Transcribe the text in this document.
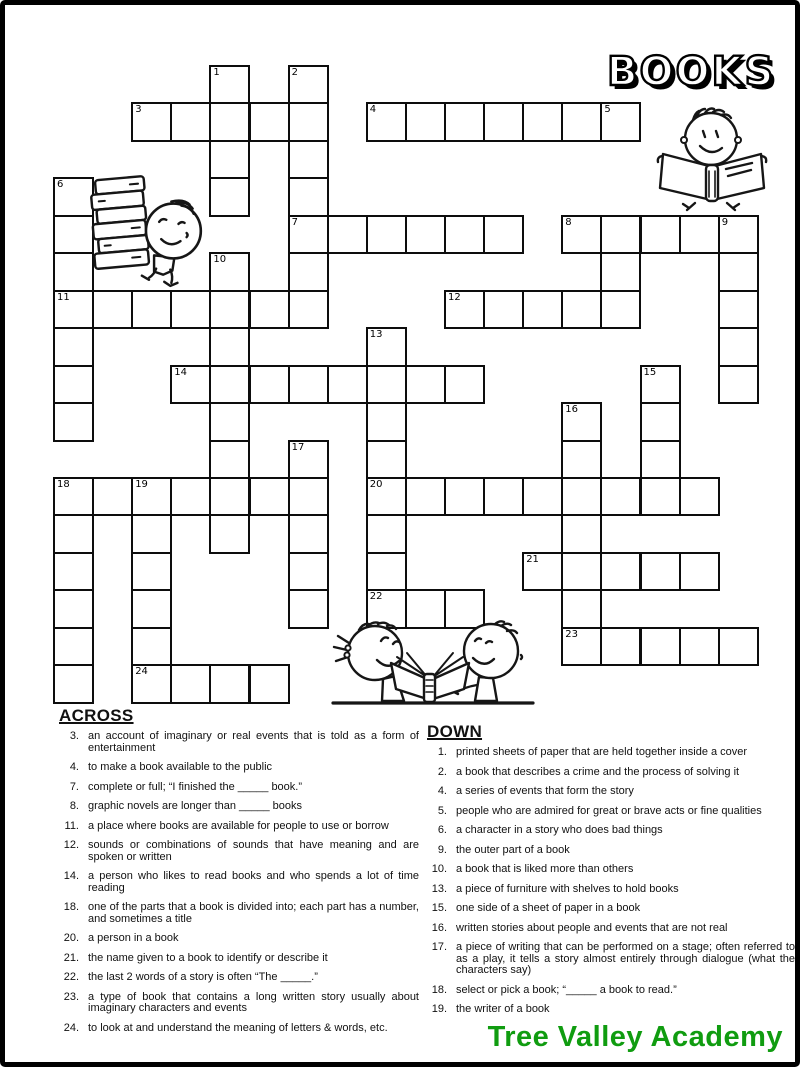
BOOKS
1	2
3	4	5
6
7	8	9
10
11	12
13
14	15
16
17
18	19	20
21
22
23
24
ACROSS
3. an account of imaginary or real events that is told as a form of entertainment
4. to make a book available to the public
7. complete or full; “I finished the _____ book.”
8. graphic novels are longer than _____ books
11. a place where books are available for people to use or borrow
12. sounds or combinations of sounds that have meaning and are spoken or written
14. a person who likes to read books and who spends a lot of time reading
18. one of the parts that a book is divided into; each part has a number, and sometimes a title
20. a person in a book
21. the name given to a book to identify or describe it
22. the last 2 words of a story is often “The _____.”
23. a type of book that contains a long written story usually about imaginary characters and events
24. to look at and understand the meaning of letters & words, etc.
DOWN
1. printed sheets of paper that are held together inside a cover
2. a book that describes a crime and the process of solving it
4. a series of events that form the story
5. people who are admired for great or brave acts or fine qualities
6. a character in a story who does bad things
9. the outer part of a book
10. a book that is liked more than others
13. a piece of furniture with shelves to hold books
15. one side of a sheet of paper in a book
16. written stories about people and events that are not real
17. a piece of writing that can be performed on a stage; often referred to as a play, it tells a story almost entirely through dialogue (what the characters say)
18. select or pick a book; “_____ a book to read.”
19. the writer of a book
Tree Valley Academy
